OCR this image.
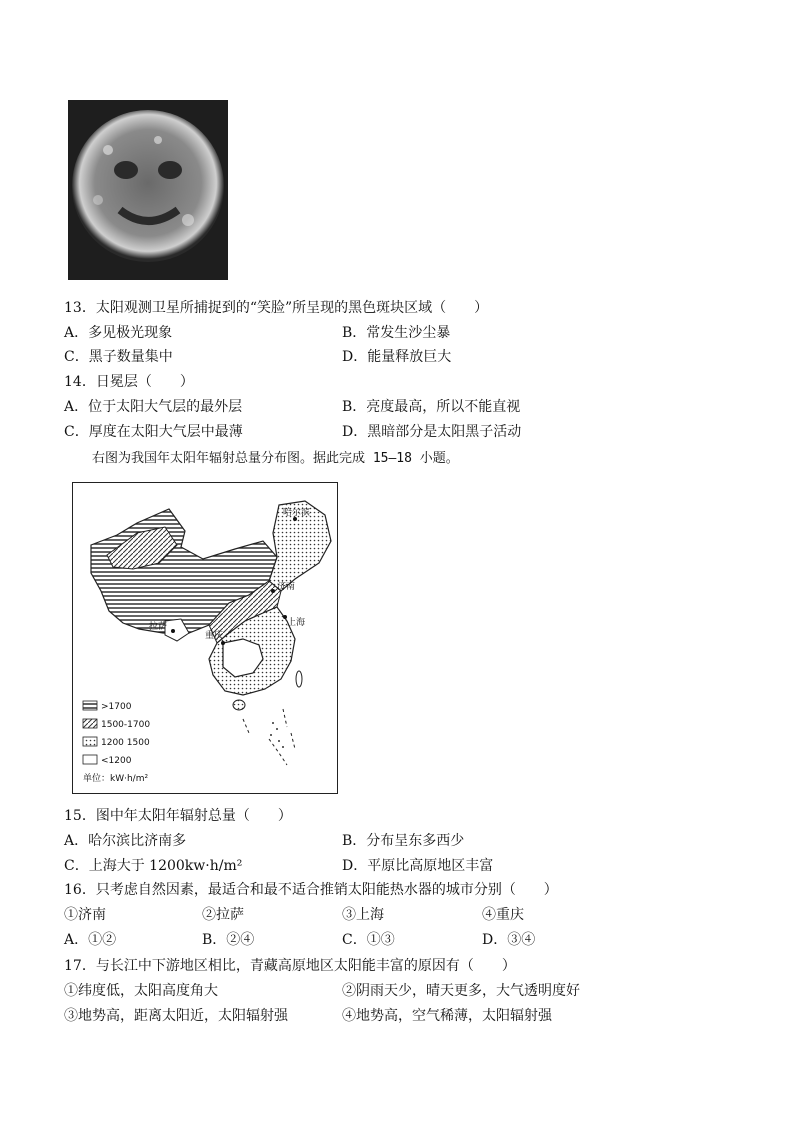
13．太阳观测卫星所捕捉到的“笑脸”所呈现的黑色斑块区域（　　）
A．多见极光现象	B．常发生沙尘暴
C．黑子数量集中	D．能量释放巨大
14．日冕层（　　）
A．位于太阳大气层的最外层	B．亮度最高，所以不能直视
C．厚度在太阳大气层中最薄	D．黑暗部分是太阳黑子活动
右图为我国年太阳年辐射总量分布图。据此完成 15—18 小题。
哈尔滨
济南
上海
拉萨
重庆
>1700
1500-1700
1200 1500
<1200
单位：kW·h/m²
15．图中年太阳年辐射总量（　　）
A．哈尔滨比济南多	B．分布呈东多西少
C．上海大于 1200kw·h/m²	D．平原比高原地区丰富
16．只考虑自然因素，最适合和最不适合推销太阳能热水器的城市分别（　　）
①济南	②拉萨	③上海	④重庆
A．①②	B．②④	C．①③	D．③④
17．与长江中下游地区相比，青藏高原地区太阳能丰富的原因有（　　）
①纬度低，太阳高度角大	②阴雨天少，晴天更多，大气透明度好
③地势高，距离太阳近，太阳辐射强	④地势高，空气稀薄，太阳辐射强
